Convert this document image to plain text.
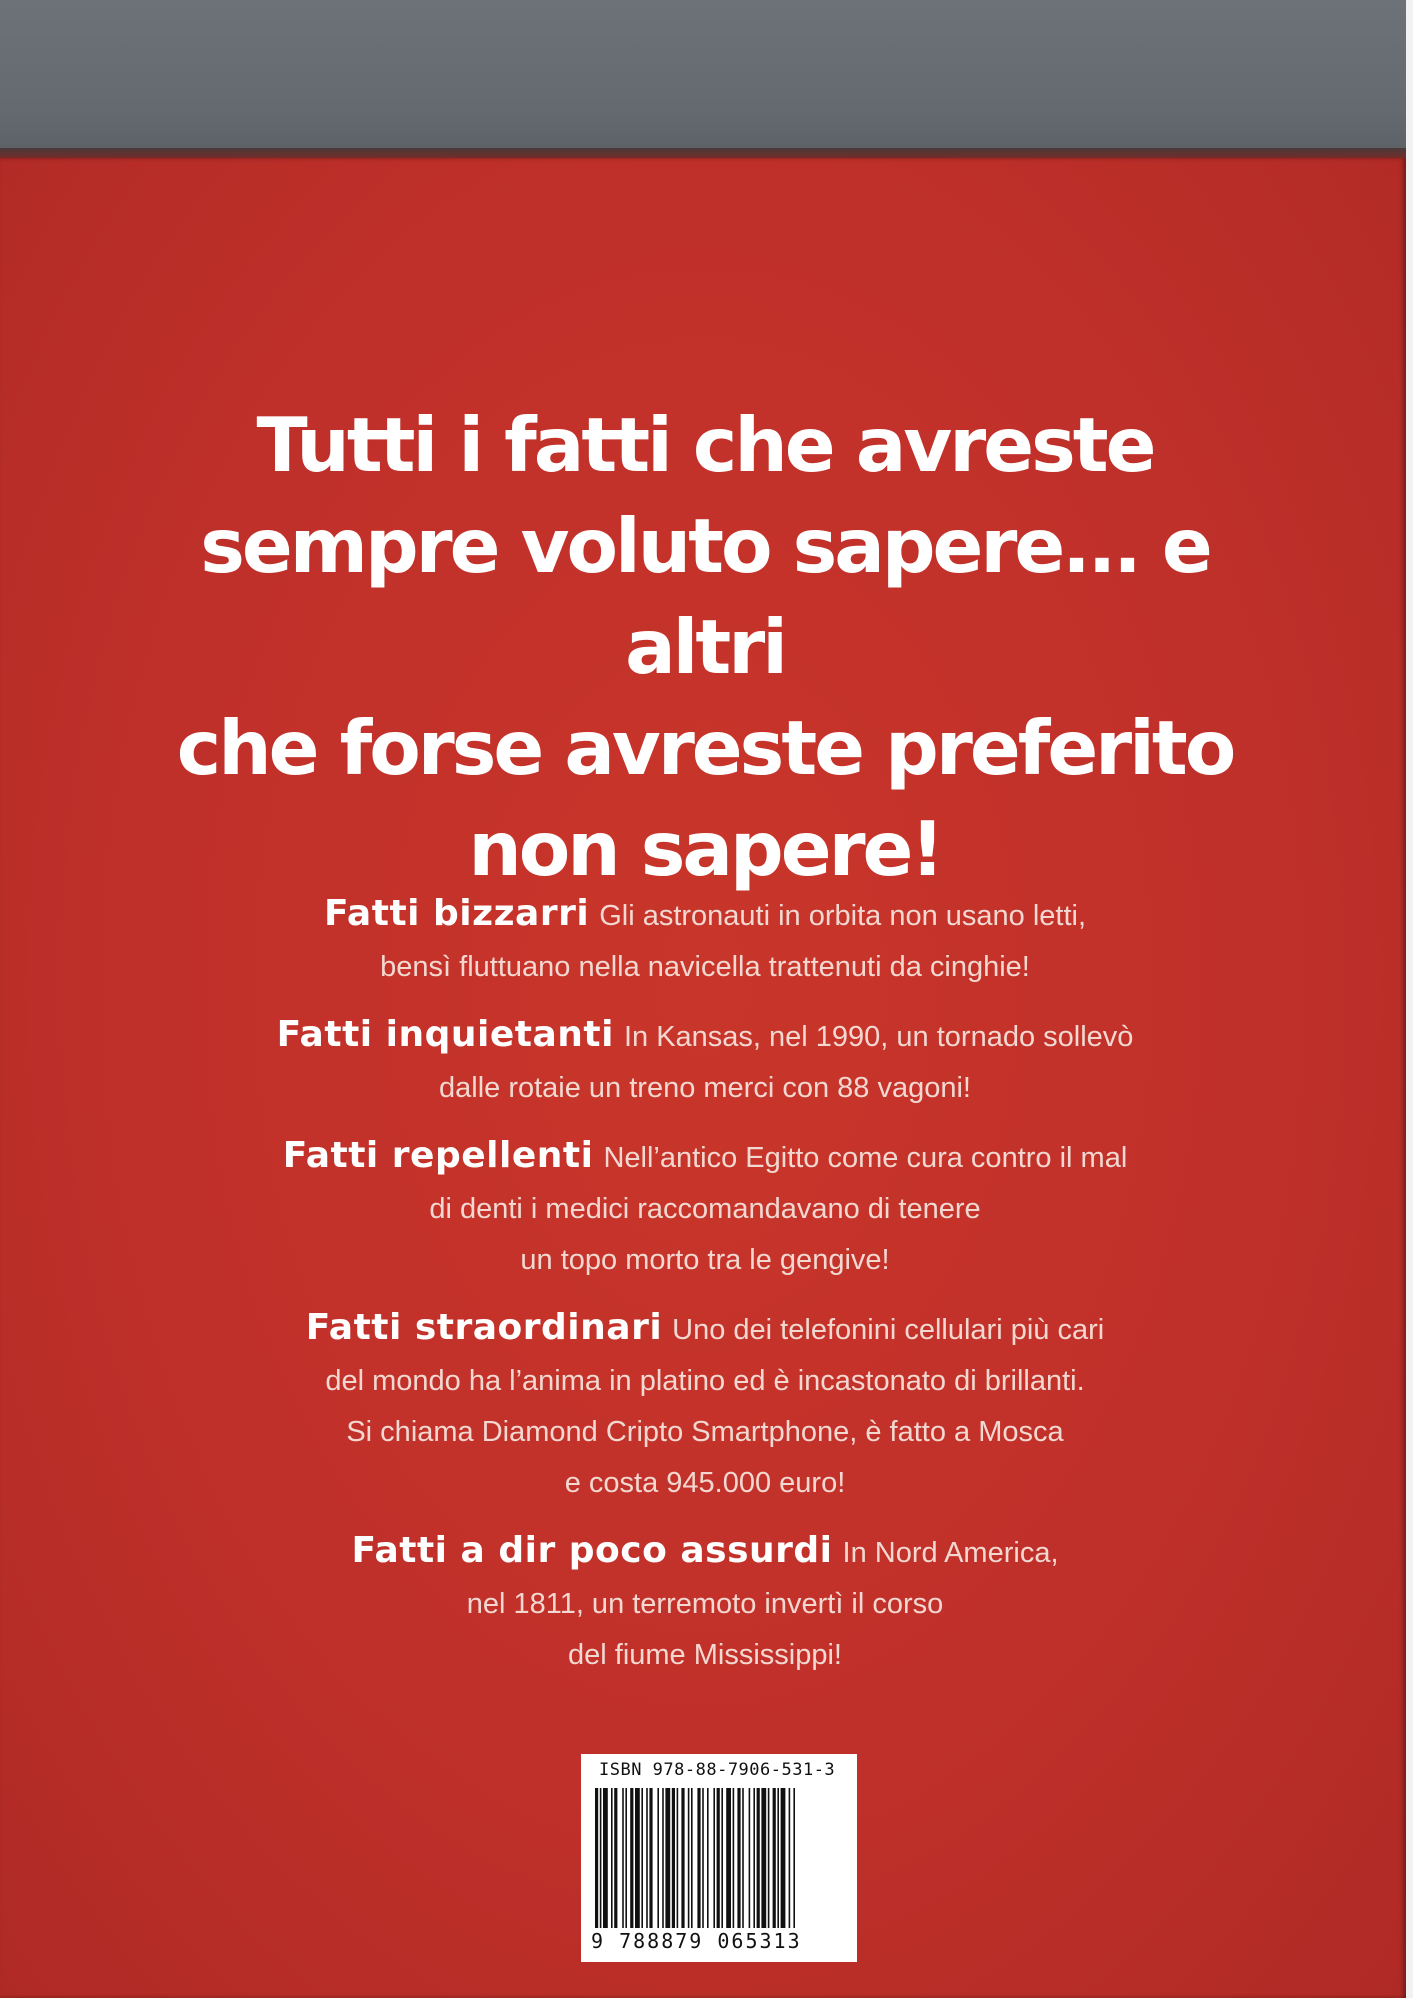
Tutti i fatti che avreste
sempre voluto sapere... e altri
che forse avreste preferito
non sapere!
Fatti bizzarri Gli astronauti in orbita non usano letti,
bensì fluttuano nella navicella trattenuti da cinghie!
Fatti inquietanti In Kansas, nel 1990, un tornado sollevò
dalle rotaie un treno merci con 88 vagoni!
Fatti repellenti Nell’antico Egitto come cura contro il mal
di denti i medici raccomandavano di tenere
un topo morto tra le gengive!
Fatti straordinari Uno dei telefonini cellulari più cari
del mondo ha l’anima in platino ed è incastonato di brillanti.
Si chiama Diamond Cripto Smartphone, è fatto a Mosca
e costa 945.000 euro!
Fatti a dir poco assurdi In Nord America,
nel 1811, un terremoto invertì il corso
del fiume Mississippi!
ISBN 978-88-7906-531-3
9 788879 065313
